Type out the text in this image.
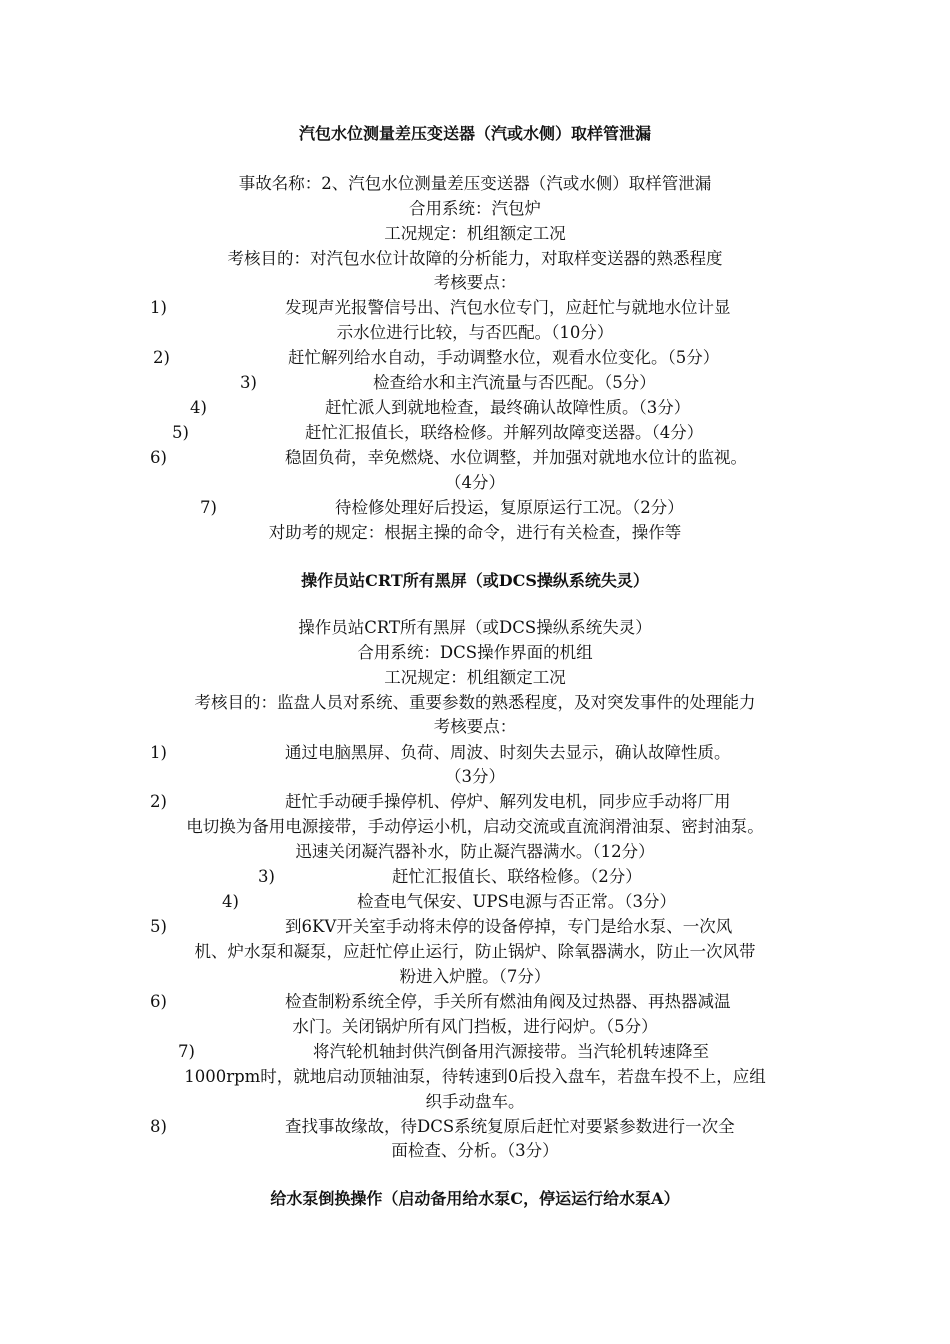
汽包水位测量差压变送器（汽或水侧）取样管泄漏
事故名称：2、汽包水位测量差压变送器（汽或水侧）取样管泄漏
合用系统：汽包炉
工况规定：机组额定工况
考核目的：对汽包水位计故障的分析能力，对取样变送器的熟悉程度
考核要点：
1)	发现声光报警信号出、汽包水位专门，应赶忙与就地水位计显
示水位进行比较，与否匹配。（10分）
2)	赶忙解列给水自动，手动调整水位，观看水位变化。（5分）
3)	检查给水和主汽流量与否匹配。（5分）
4)	赶忙派人到就地检查，最终确认故障性质。（3分）
5)	赶忙汇报值长，联络检修。并解列故障变送器。（4分）
6)	稳固负荷，幸免燃烧、水位调整，并加强对就地水位计的监视。
（4分）
7)	待检修处理好后投运，复原原运行工况。（2分）
对助考的规定：根据主操的命令，进行有关检查，操作等
操作员站CRT所有黑屏（或DCS操纵系统失灵）
操作员站CRT所有黑屏（或DCS操纵系统失灵）
合用系统：DCS操作界面的机组
工况规定：机组额定工况
考核目的：监盘人员对系统、重要参数的熟悉程度，及对突发事件的处理能力
考核要点：
1)	通过电脑黑屏、负荷、周波、时刻失去显示，确认故障性质。
（3分）
2)	赶忙手动硬手操停机、停炉、解列发电机，同步应手动将厂用
电切换为备用电源接带，手动停运小机，启动交流或直流润滑油泵、密封油泵。
迅速关闭凝汽器补水，防止凝汽器满水。（12分）
3)	赶忙汇报值长、联络检修。（2分）
4)	检查电气保安、UPS电源与否正常。（3分）
5)	到6KV开关室手动将未停的设备停掉，专门是给水泵、一次风
机、炉水泵和凝泵，应赶忙停止运行，防止锅炉、除氧器满水，防止一次风带
粉进入炉膛。（7分）
6)	检查制粉系统全停，手关所有燃油角阀及过热器、再热器减温
水门。关闭锅炉所有风门挡板，进行闷炉。（5分）
7)	将汽轮机轴封供汽倒备用汽源接带。当汽轮机转速降至
1000rpm时，就地启动顶轴油泵，待转速到0后投入盘车，若盘车投不上，应组
织手动盘车。
8)	查找事故缘故，待DCS系统复原后赶忙对要紧参数进行一次全
面检查、分析。（3分）
给水泵倒换操作（启动备用给水泵C，停运运行给水泵A）
